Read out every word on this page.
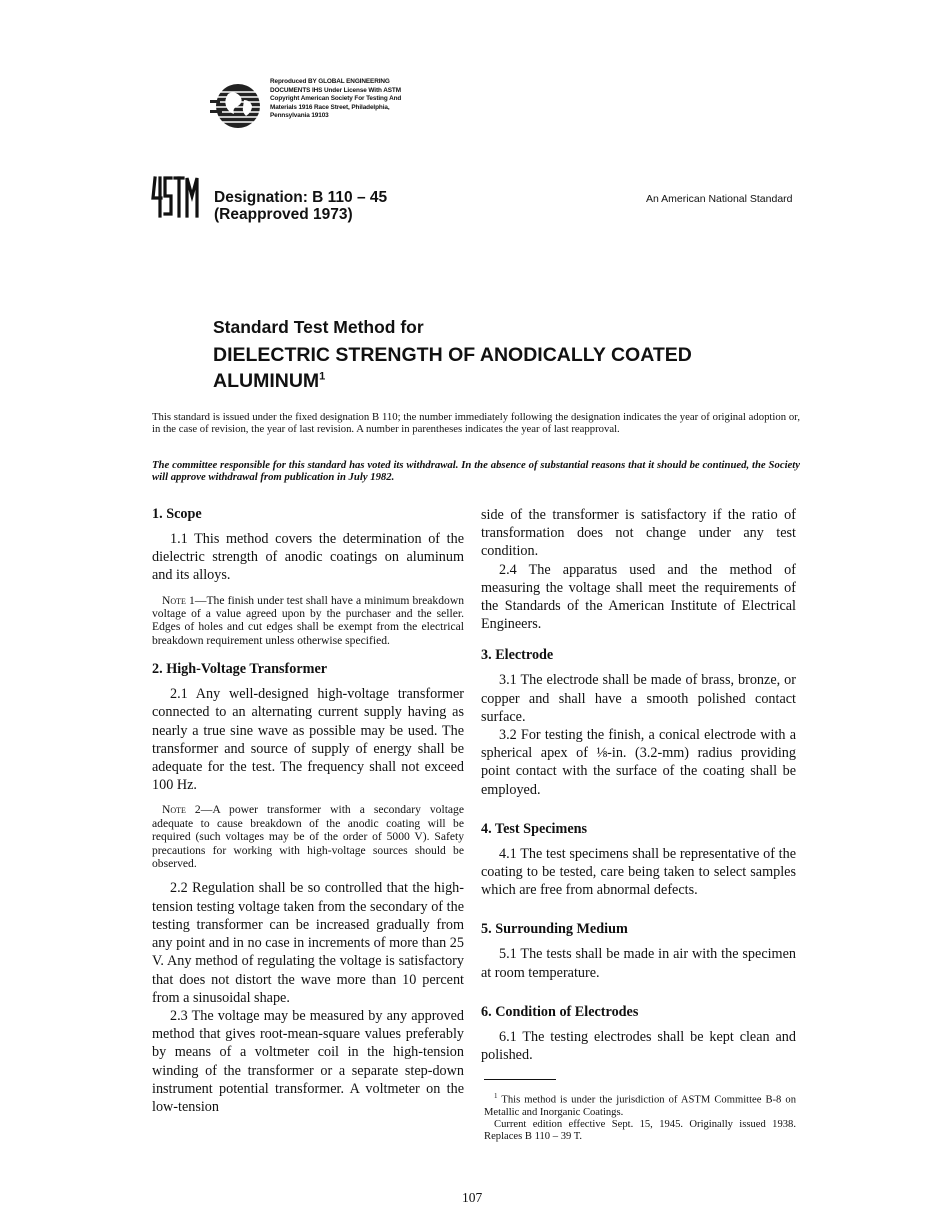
Reproduced BY GLOBAL ENGINEERING
DOCUMENTS IHS Under License With ASTM
Copyright American Society For Testing And
Materials 1916 Race Street, Philadelphia,
Pennsylvania 19103
Designation: B 110 – 45
(Reapproved 1973)
An American National Standard
Standard Test Method for
DIELECTRIC STRENGTH OF ANODICALLY COATED ALUMINUM$^1$
This standard is issued under the fixed designation B 110; the number immediately following the designation indicates the year of original adoption or, in the case of revision, the year of last revision. A number in parentheses indicates the year of last reapproval.
The committee responsible for this standard has voted its withdrawal. In the absence of substantial reasons that it should be continued, the Society will approve withdrawal from publication in July 1982.
1. Scope

1.1 This method covers the determination of the dielectric strength of anodic coatings on aluminum and its alloys.

Note 1—The finish under test shall have a minimum breakdown voltage of a value agreed upon by the purchaser and the seller. Edges of holes and cut edges shall be exempt from the electrical breakdown requirement unless otherwise specified.

2. High-Voltage Transformer

2.1 Any well-designed high-voltage transformer connected to an alternating current supply having as nearly a true sine wave as possible may be used. The transformer and source of supply of energy shall be adequate for the test. The frequency shall not exceed 100 Hz.

Note 2—A power transformer with a secondary voltage adequate to cause breakdown of the anodic coating will be required (such voltages may be of the order of 5000 V). Safety precautions for working with high-voltage sources should be observed.

2.2 Regulation shall be so controlled that the high-tension testing voltage taken from the secondary of the testing transformer can be increased gradually from any point and in no case in increments of more than 25 V. Any method of regulating the voltage is satisfactory that does not distort the wave more than 10 percent from a sinusoidal shape.

2.3 The voltage may be measured by any approved method that gives root-mean-square values preferably by means of a voltmeter coil in the high-tension winding of the transformer or a separate step-down instrument potential transformer. A voltmeter on the low-tension

side of the transformer is satisfactory if the ratio of transformation does not change under any test condition.

2.4 The apparatus used and the method of measuring the voltage shall meet the requirements of the Standards of the American Institute of Electrical Engineers.

3. Electrode

3.1 The electrode shall be made of brass, bronze, or copper and shall have a smooth polished contact surface.

3.2 For testing the finish, a conical electrode with a spherical apex of ⅛-in. (3.2-mm) radius providing point contact with the surface of the coating shall be employed.

4. Test Specimens

4.1 The test specimens shall be representative of the coating to be tested, care being taken to select samples which are free from abnormal defects.

5. Surrounding Medium

5.1 The tests shall be made in air with the specimen at room temperature.

6. Condition of Electrodes

6.1 The testing electrodes shall be kept clean and polished.

$^1$ This method is under the jurisdiction of ASTM Committee B-8 on Metallic and Inorganic Coatings.
Current edition effective Sept. 15, 1945. Originally issued 1938. Replaces B 110 – 39 T.
107
